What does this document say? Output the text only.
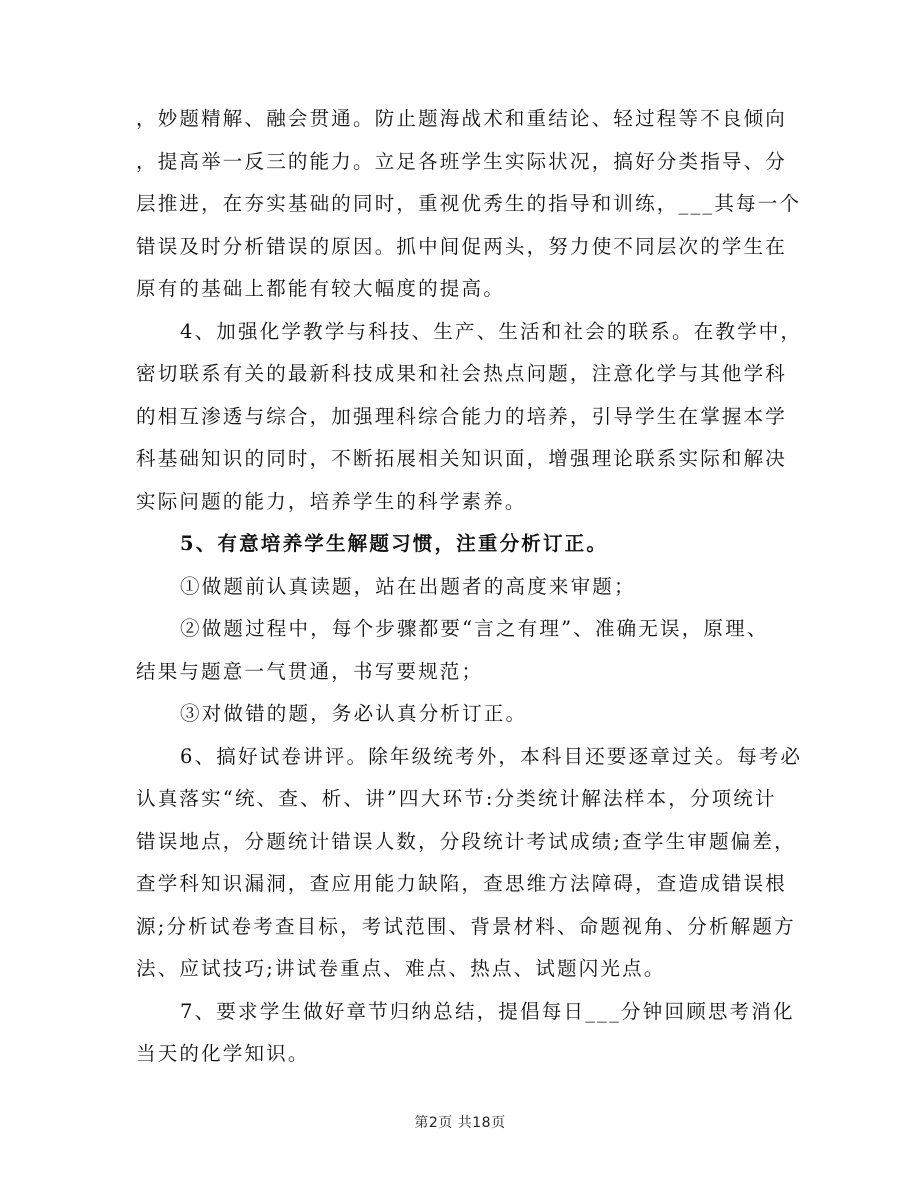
，妙题精解、融会贯通。防止题海战术和重结论、轻过程等不良倾向
，提高举一反三的能力。立足各班学生实际状况，搞好分类指导、分
层推进，在夯实基础的同时，重视优秀生的指导和训练，___其每一个
错误及时分析错误的原因。抓中间促两头，努力使不同层次的学生在
原有的基础上都能有较大幅度的提高。
4、加强化学教学与科技、生产、生活和社会的联系。在教学中，
密切联系有关的最新科技成果和社会热点问题，注意化学与其他学科
的相互渗透与综合，加强理科综合能力的培养，引导学生在掌握本学
科基础知识的同时，不断拓展相关知识面，增强理论联系实际和解决
实际问题的能力，培养学生的科学素养。
5、有意培养学生解题习惯，注重分析订正。
①做题前认真读题，站在出题者的高度来审题；
②做题过程中，每个步骤都要“言之有理”、准确无误，原理、
结果与题意一气贯通，书写要规范；
③对做错的题，务必认真分析订正。
6、搞好试卷讲评。除年级统考外，本科目还要逐章过关。每考必
认真落实“统、查、析、讲”四大环节:分类统计解法样本，分项统计
错误地点，分题统计错误人数，分段统计考试成绩;查学生审题偏差，
查学科知识漏洞，查应用能力缺陷，查思维方法障碍，查造成错误根
源;分析试卷考查目标，考试范围、背景材料、命题视角、分析解题方
法、应试技巧;讲试卷重点、难点、热点、试题闪光点。
7、要求学生做好章节归纳总结，提倡每日___分钟回顾思考消化
当天的化学知识。
第2页 共18页
